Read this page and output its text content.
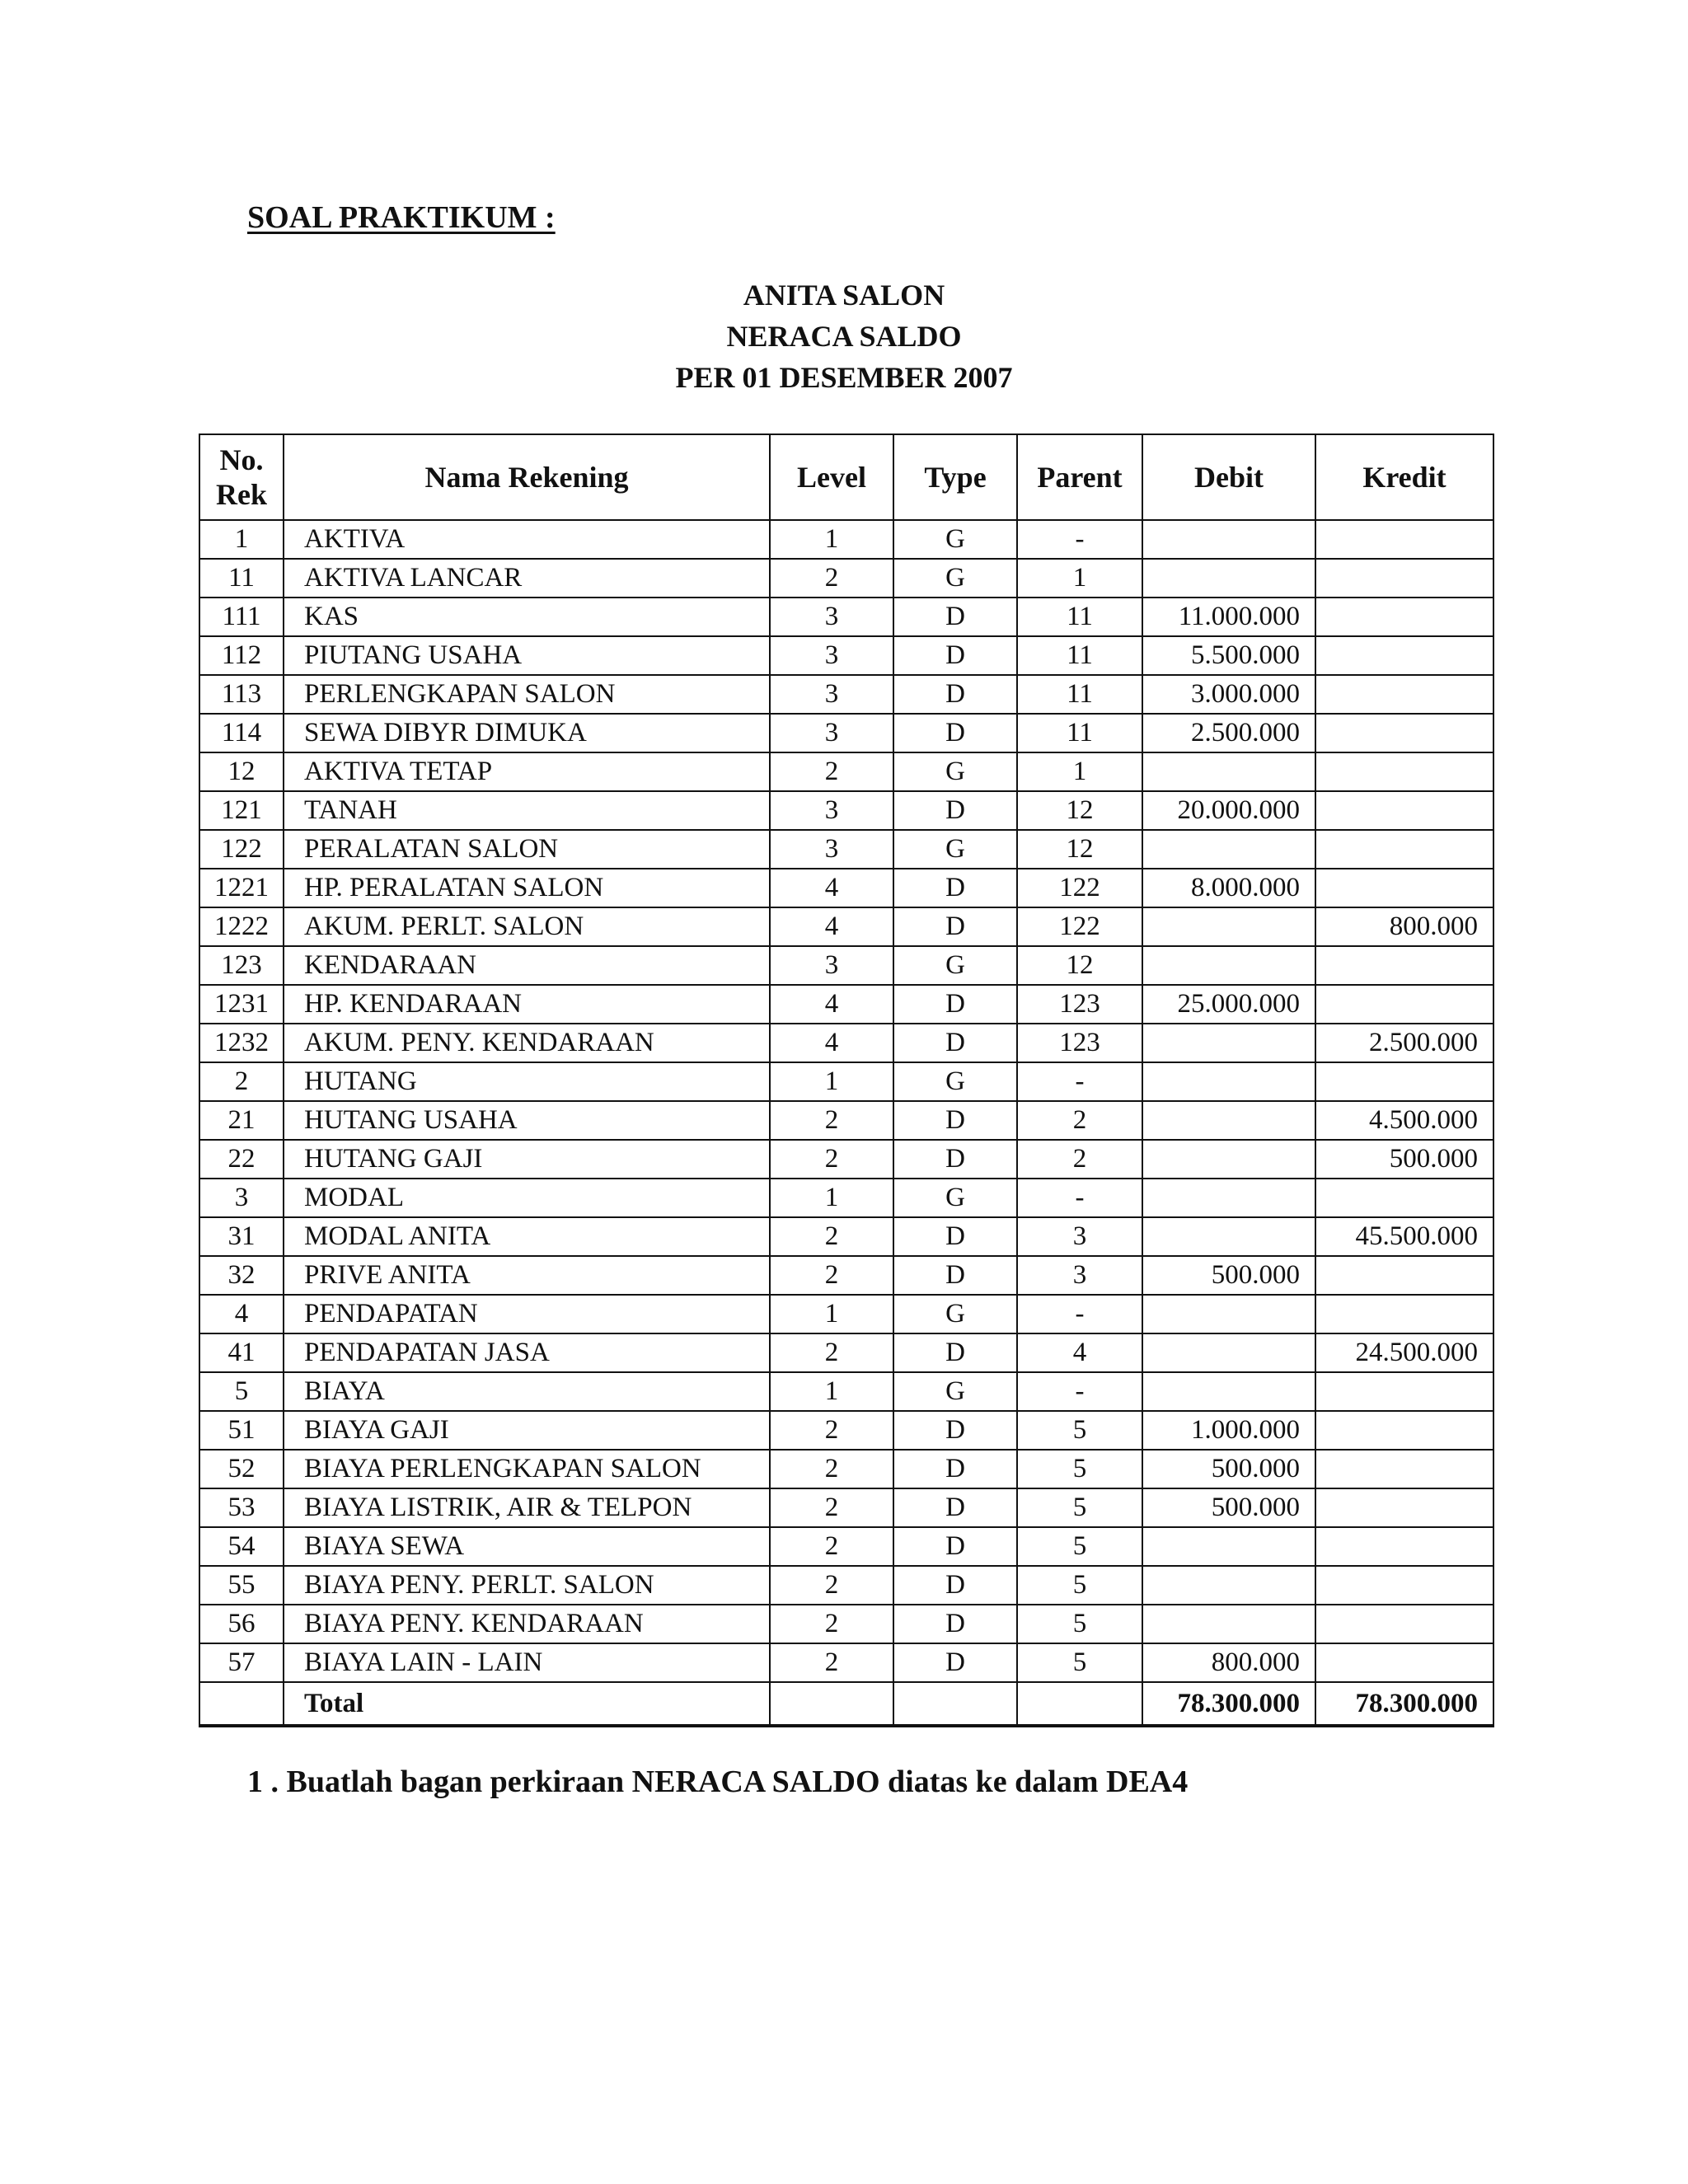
SOAL PRAKTIKUM :
ANITA SALON
NERACA SALDO
PER 01 DESEMBER 2007
No.
Rek	Nama Rekening	Level	Type	Parent	Debit	Kredit
1	AKTIVA	1	G	-		
11	AKTIVA LANCAR	2	G	1		
111	KAS	3	D	11	11.000.000	
112	PIUTANG USAHA	3	D	11	5.500.000	
113	PERLENGKAPAN SALON	3	D	11	3.000.000	
114	SEWA DIBYR DIMUKA	3	D	11	2.500.000	
12	AKTIVA TETAP	2	G	1		
121	TANAH	3	D	12	20.000.000	
122	PERALATAN SALON	3	G	12		
1221	HP. PERALATAN SALON	4	D	122	8.000.000	
1222	AKUM. PERLT. SALON	4	D	122		800.000
123	KENDARAAN	3	G	12		
1231	HP. KENDARAAN	4	D	123	25.000.000	
1232	AKUM. PENY. KENDARAAN	4	D	123		2.500.000
2	HUTANG	1	G	-		
21	HUTANG USAHA	2	D	2		4.500.000
22	HUTANG GAJI	2	D	2		500.000
3	MODAL	1	G	-		
31	MODAL ANITA	2	D	3		45.500.000
32	PRIVE ANITA	2	D	3	500.000	
4	PENDAPATAN	1	G	-		
41	PENDAPATAN JASA	2	D	4		24.500.000
5	BIAYA	1	G	-		
51	BIAYA GAJI	2	D	5	1.000.000	
52	BIAYA PERLENGKAPAN SALON	2	D	5	500.000	
53	BIAYA LISTRIK, AIR & TELPON	2	D	5	500.000	
54	BIAYA SEWA	2	D	5		
55	BIAYA PENY. PERLT. SALON	2	D	5		
56	BIAYA PENY. KENDARAAN	2	D	5		
57	BIAYA LAIN - LAIN	2	D	5	800.000	
	Total				78.300.000	78.300.000

1 . Buatlah bagan perkiraan NERACA SALDO diatas ke dalam DEA4
